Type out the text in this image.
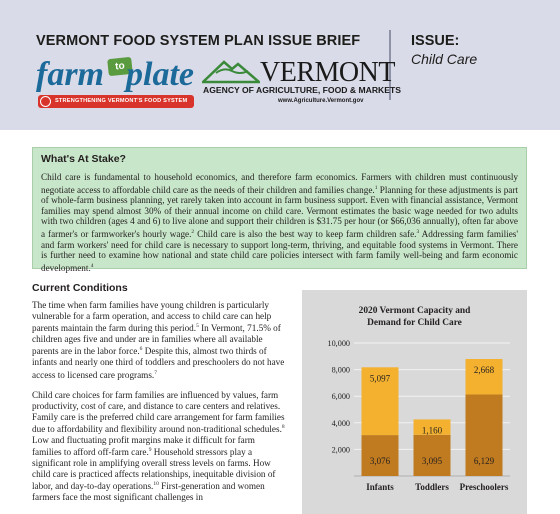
VERMONT FOOD SYSTEM PLAN ISSUE BRIEF	ISSUE:
Child Care
farm	to plate
STRENGTHENING VERMONT'S FOOD SYSTEM
VERMONT
AGENCY OF AGRICULTURE, FOOD & MARKETS
www.Agriculture.Vermont.gov
What's At Stake?

Child care is fundamental to household economics, and therefore farm economics. Farmers with children must continuously negotiate access to affordable child care as the needs of their children and families change.$^1$ Planning for these adjustments is part of whole-farm business planning, yet rarely taken into account in farm business support. Even with financial assistance, Vermont families may spend almost 30% of their annual income on child care. Vermont estimates the basic wage needed for two adults with two children (ages 4 and 6) to live alone and support their children is $31.75 per hour (or $66,036 annually), often far above a farmer's or farmworker's hourly wage.$^2$ Child care is also the best way to keep farm children safe.$^3$ Addressing farm families' and farm workers' need for child care is necessary to support long-term, thriving, and equitable food systems in Vermont. There is further need to examine how national and state child care policies intersect with farm family well-being and farm economic development.$^4$

Current Conditions

The time when farm families have young children is particularly vulnerable for a farm operation, and access to child care can help parents maintain the farm during this period.$^5$ In Vermont, 71.5% of children ages five and under are in families where all available parents are in the labor force.$^6$ Despite this, almost two thirds of infants and nearly one third of toddlers and preschoolers do not have access to licensed care programs.$^7$

Child care choices for farm families are influenced by values, farm productivity, cost of care, and distance to care centers and relatives. Family care is the preferred child care arrangement for farm families due to affordability and flexibility around non-traditional schedules.$^8$ Low and fluctuating profit margins make it difficult for farm families to afford off-farm care.$^9$ Household stressors play a significant role in amplifying overall stress levels on farms. How child care is practiced affects relationships, inequitable division of labor, and day-to-day operations.$^{10}$ First-generation and women farmers face the most significant challenges in

2020 Vermont Capacity and
Demand for Child Care
2,000
4,000
6,000
8,000
10,000
3,076
5,097
Infants
3,095
1,160
Toddlers
6,129
2,668
Preschoolers
